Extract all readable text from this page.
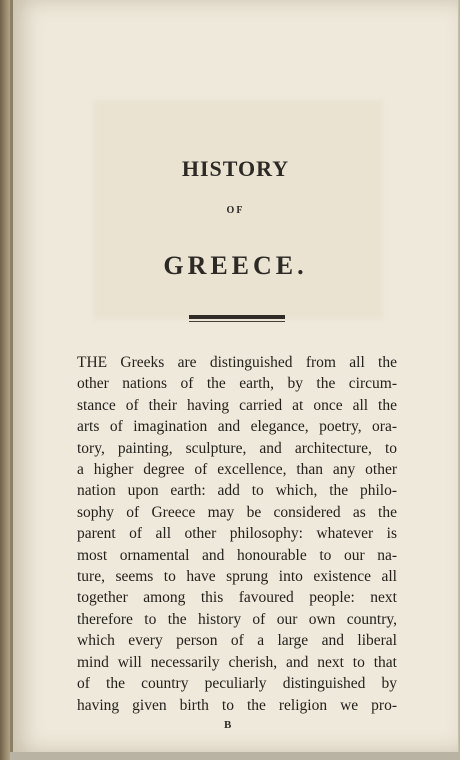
HISTORY
OF
GREECE.
THE Greeks are distinguished from all the
other nations of the earth, by the circum-
stance of their having carried at once all the
arts of imagination and elegance, poetry, ora-
tory, painting, sculpture, and architecture, to
a higher degree of excellence, than any other
nation upon earth: add to which, the philo-
sophy of Greece may be considered as the
parent of all other philosophy: whatever is
most ornamental and honourable to our na-
ture, seems to have sprung into existence all
together among this favoured people: next
therefore to the history of our own country,
which every person of a large and liberal
mind will necessarily cherish, and next to that
of the country peculiarly distinguished by
having given birth to the religion we pro-
B
